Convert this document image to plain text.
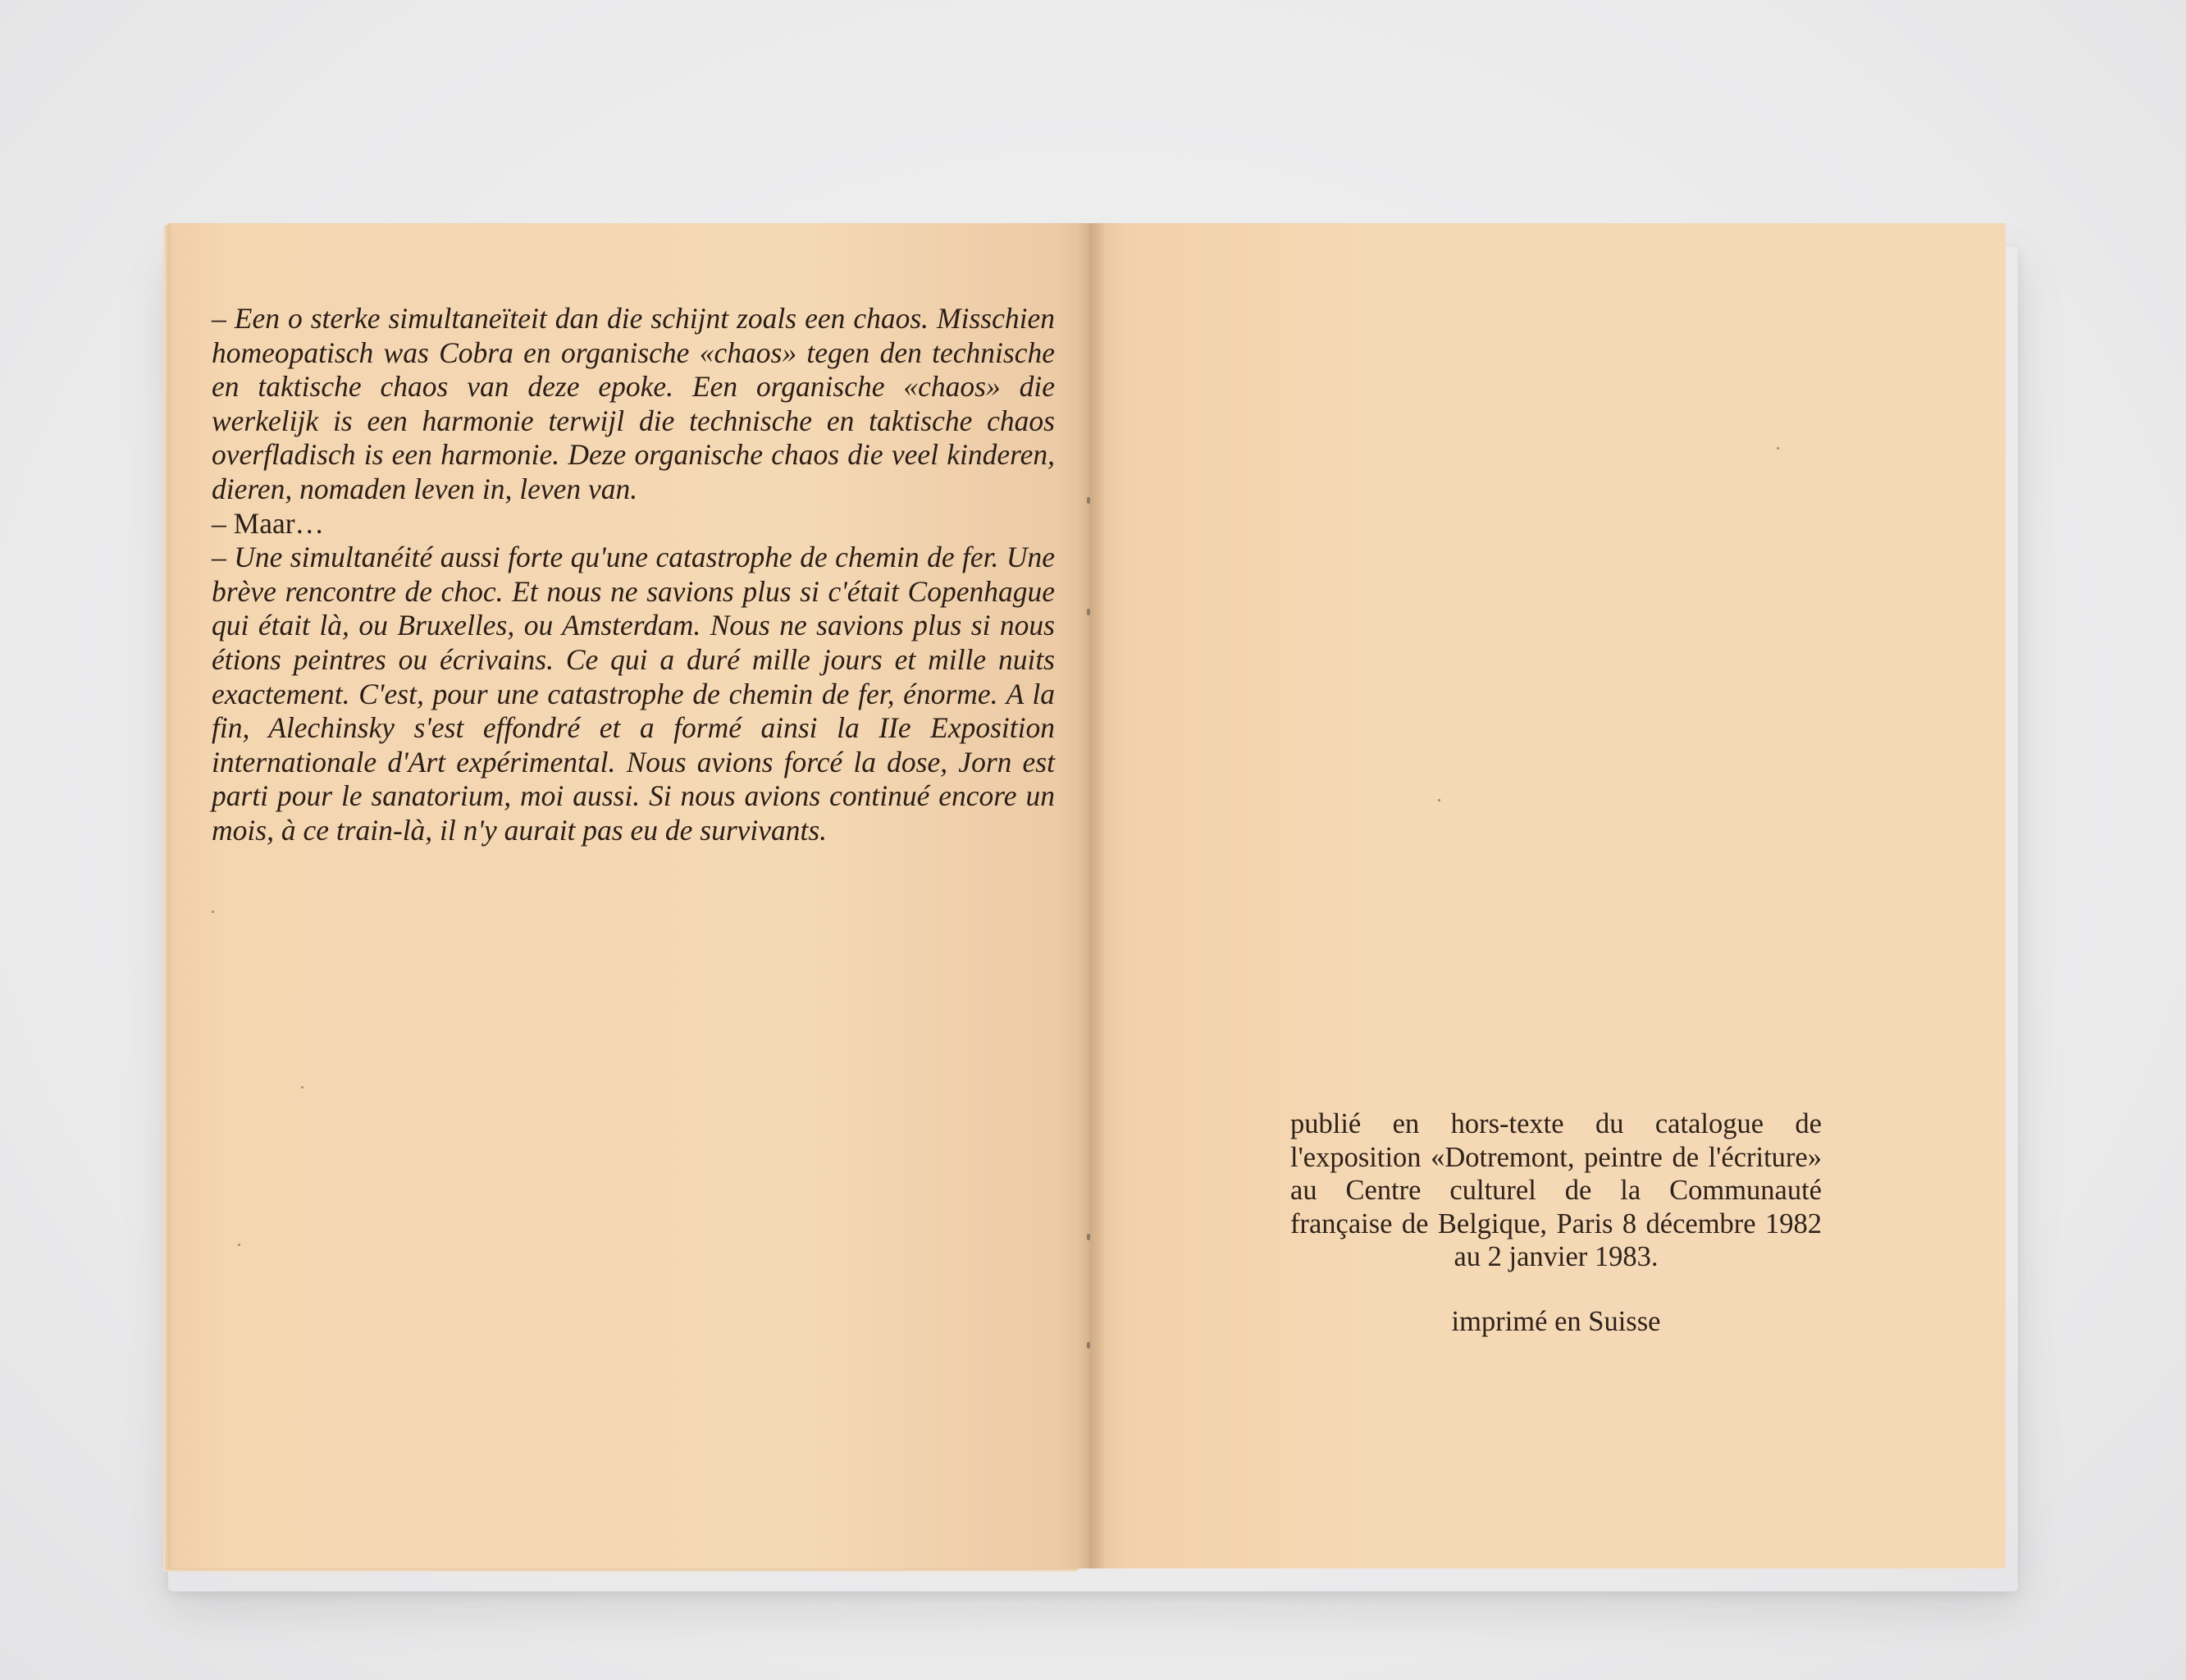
– Een o sterke simultaneïteit dan die schijnt zoals een chaos. Misschien homeopatisch was Cobra en organische «chaos» tegen den technische en taktische chaos van deze epoke. Een organische «chaos» die werkelijk is een harmonie terwijl die technische en taktische chaos overfladisch is een harmonie. Deze organische chaos die veel kinderen, dieren, nomaden leven in, leven van.

– Maar…

– Une simultanéité aussi forte qu'une catastrophe de chemin de fer. Une brève rencontre de choc. Et nous ne savions plus si c'était Copenhague qui était là, ou Bruxelles, ou Amsterdam. Nous ne savions plus si nous étions peintres ou écrivains. Ce qui a duré mille jours et mille nuits exactement. C'est, pour une catastrophe de chemin de fer, énorme. A la fin, Alechinsky s'est effondré et a formé ainsi la IIe Exposition internationale d'Art expérimental. Nous avions forcé la dose, Jorn est parti pour le sanatorium, moi aussi. Si nous avions continué encore un mois, à ce train-là, il n'y aurait pas eu de survivants.

publié en hors-texte du catalogue de l'exposition «Dotremont, peintre de l'écriture» au Centre culturel de la Communauté française de Belgique, Paris 8 décembre 1982 au 2 janvier 1983.

imprimé en Suisse
